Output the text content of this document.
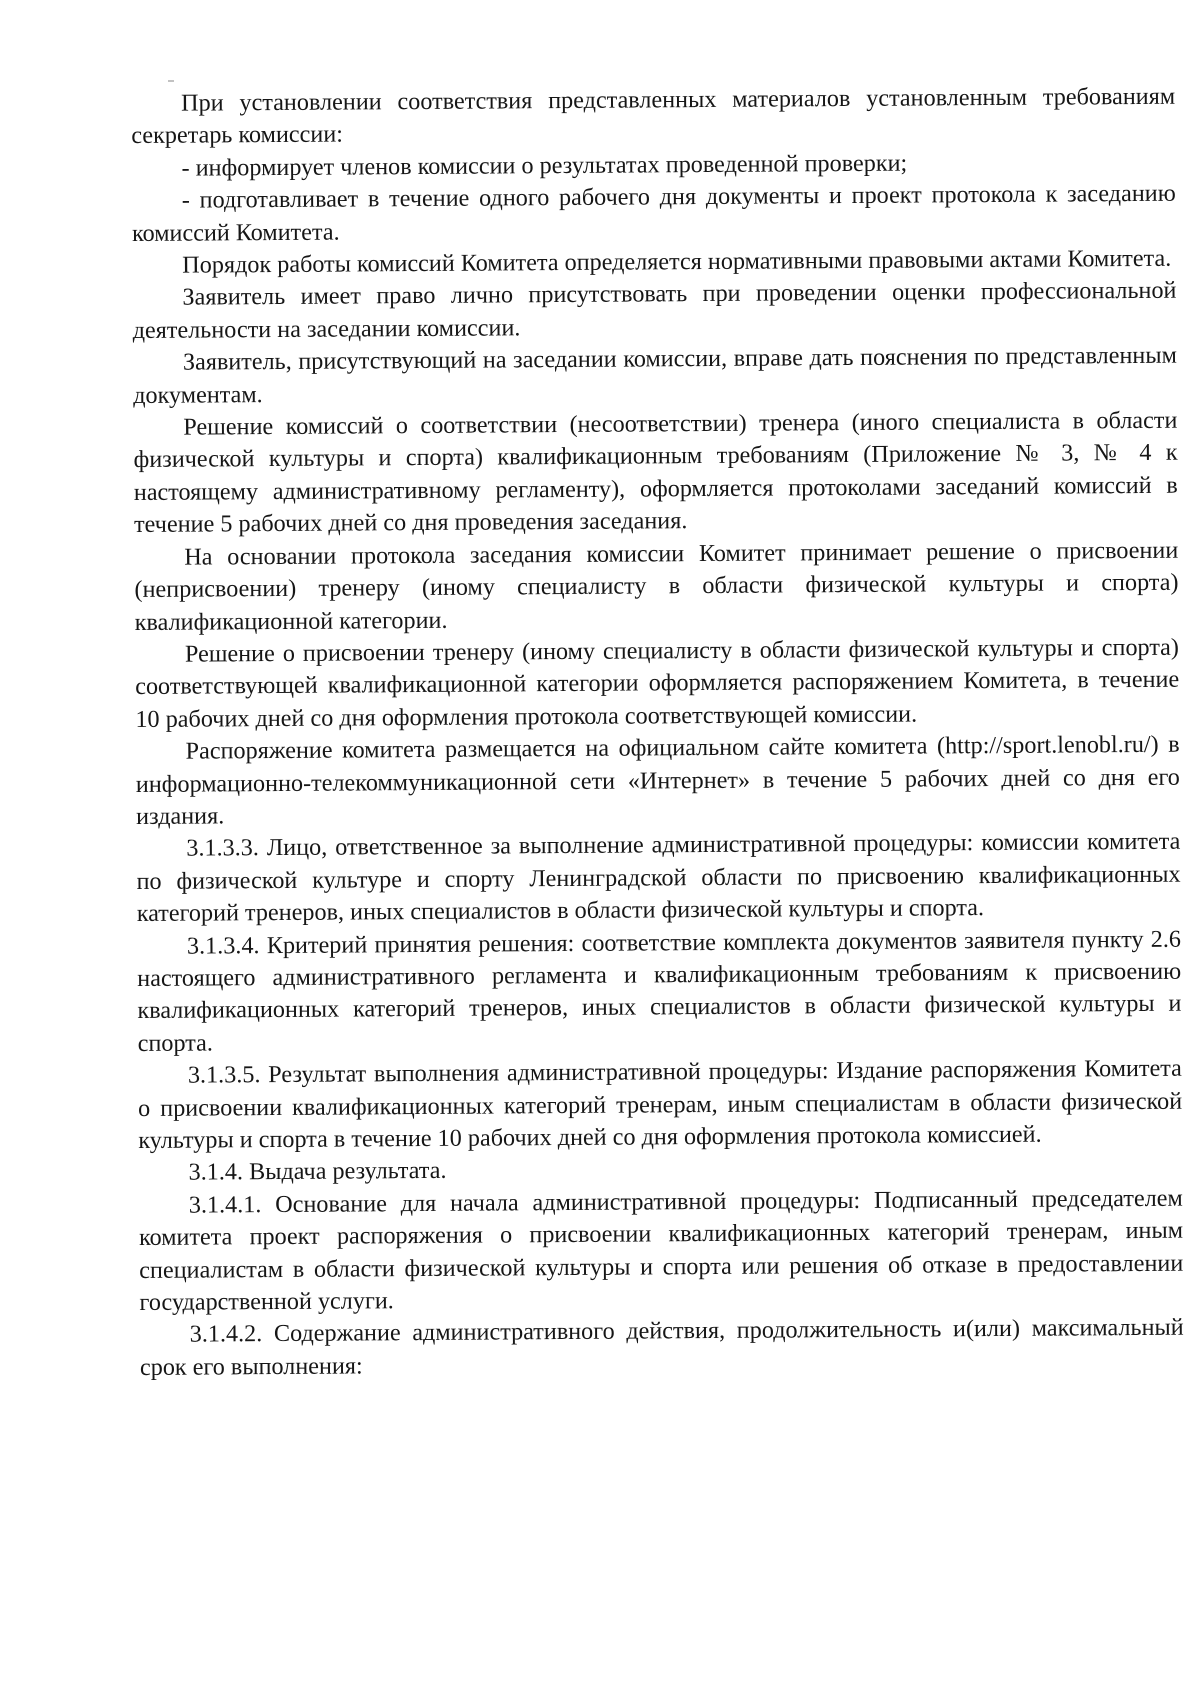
При установлении соответствия представленных материалов установленным требованиям секретарь комиссии:

- информирует членов комиссии о результатах проведенной проверки;

- подготавливает в течение одного рабочего дня документы и проект протокола к заседанию комиссий Комитета.

Порядок работы комиссий Комитета определяется нормативными правовыми актами Комитета.

Заявитель имеет право лично присутствовать при проведении оценки профессиональной деятельности на заседании комиссии.

Заявитель, присутствующий на заседании комиссии, вправе дать пояснения по представленным документам.

Решение комиссий о соответствии (несоответствии) тренера (иного специалиста в области физической культуры и спорта) квалификационным требованиям (Приложение № 3, № 4 к настоящему административному регламенту), оформляется протоколами заседаний комиссий в течение 5 рабочих дней со дня проведения заседания.

На основании протокола заседания комиссии Комитет принимает решение о присвоении (неприсвоении) тренеру (иному специалисту в области физической культуры и спорта) квалификационной категории.

Решение о присвоении тренеру (иному специалисту в области физической культуры и спорта) соответствующей квалификационной категории оформляется распоряжением Комитета, в течение 10 рабочих дней со дня оформления протокола соответствующей комиссии.

Распоряжение комитета размещается на официальном сайте комитета (http://sport.lenobl.ru/) в информационно-телекоммуникационной сети «Интернет» в течение 5 рабочих дней со дня его издания.

3.1.3.3. Лицо, ответственное за выполнение административной процедуры: комиссии комитета по физической культуре и спорту Ленинградской области по присвоению квалификационных категорий тренеров, иных специалистов в области физической культуры и спорта.

3.1.3.4. Критерий принятия решения: соответствие комплекта документов заявителя пункту 2.6 настоящего административного регламента и квалификационным требованиям к присвоению квалификационных категорий тренеров, иных специалистов в области физической культуры и спорта.

3.1.3.5. Результат выполнения административной процедуры: Издание распоряжения Комитета о присвоении квалификационных категорий тренерам, иным специалистам в области физической культуры и спорта в течение 10 рабочих дней со дня оформления протокола комиссией.

3.1.4. Выдача результата.

3.1.4.1. Основание для начала административной процедуры: Подписанный председателем комитета проект распоряжения о присвоении квалификационных категорий тренерам, иным специалистам в области физической культуры и спорта или решения об отказе в предоставлении государственной услуги.

3.1.4.2. Содержание административного действия, продолжительность и(или) максимальный срок его выполнения:
